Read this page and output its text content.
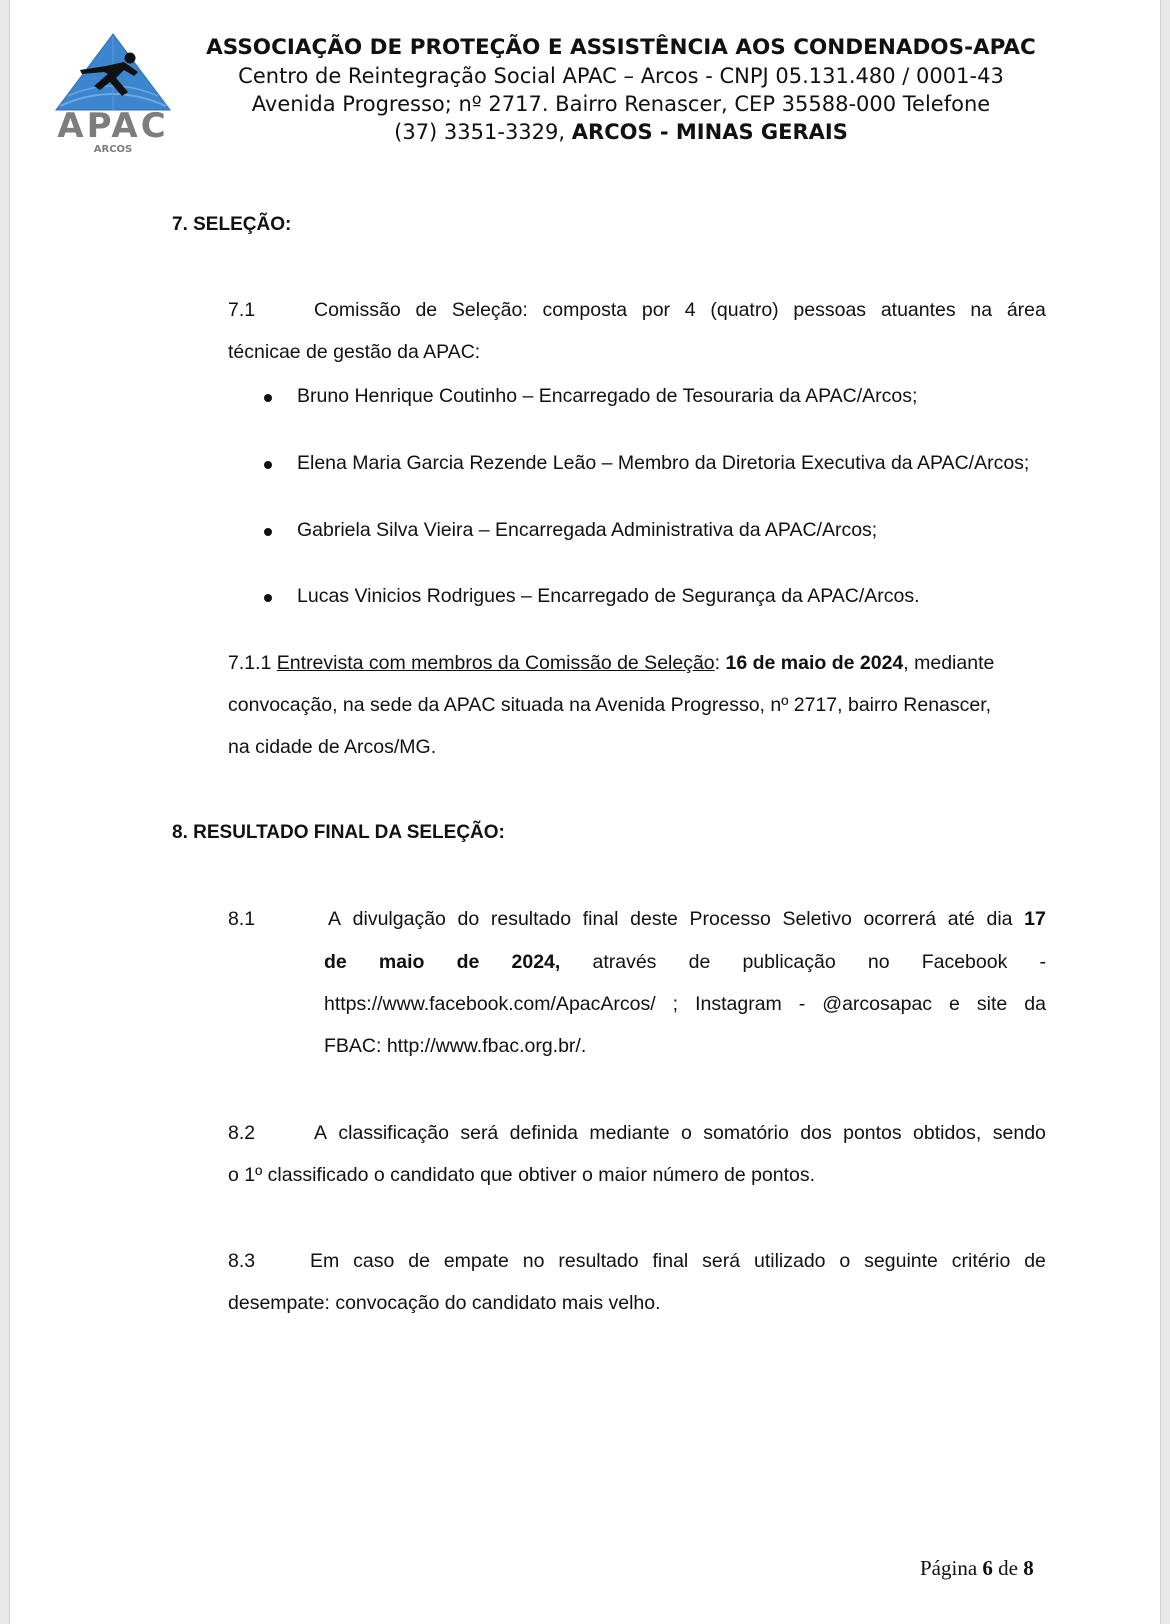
APAC
ARCOS
ASSOCIAÇÃO DE PROTEÇÃO E ASSISTÊNCIA AOS CONDENADOS-APAC
Centro de Reintegração Social APAC – Arcos - CNPJ 05.131.480 / 0001-43
Avenida Progresso; nº 2717. Bairro Renascer, CEP 35588-000 Telefone
(37) 3351-3329, ARCOS - MINAS GERAIS
7. SELEÇÃO:
7.1	Comissão de Seleção: composta por 4 (quatro) pessoas atuantes na área
técnicae de gestão da APAC:
Bruno Henrique Coutinho – Encarregado de Tesouraria da APAC/Arcos;
Elena Maria Garcia Rezende Leão – Membro da Diretoria Executiva da APAC/Arcos;
Gabriela Silva Vieira – Encarregada Administrativa da APAC/Arcos;
Lucas Vinicios Rodrigues – Encarregado de Segurança da APAC/Arcos.
7.1.1 Entrevista com membros da Comissão de Seleção: 16 de maio de 2024, mediante
convocação, na sede da APAC situada na Avenida Progresso, nº 2717, bairro Renascer,
na cidade de Arcos/MG.
8. RESULTADO FINAL DA SELEÇÃO:
8.1	A divulgação do resultado final deste Processo Seletivo ocorrerá até dia 17
de maio de 2024, através de publicação no Facebook -
https://www.facebook.com/ApacArcos/ ; Instagram - @arcosapac e site da
FBAC: http://www.fbac.org.br/.
8.2	A classificação será definida mediante o somatório dos pontos obtidos, sendo
o 1º classificado o candidato que obtiver o maior número de pontos.
8.3	Em caso de empate no resultado final será utilizado o seguinte critério de
desempate: convocação do candidato mais velho.
Página 6 de 8
